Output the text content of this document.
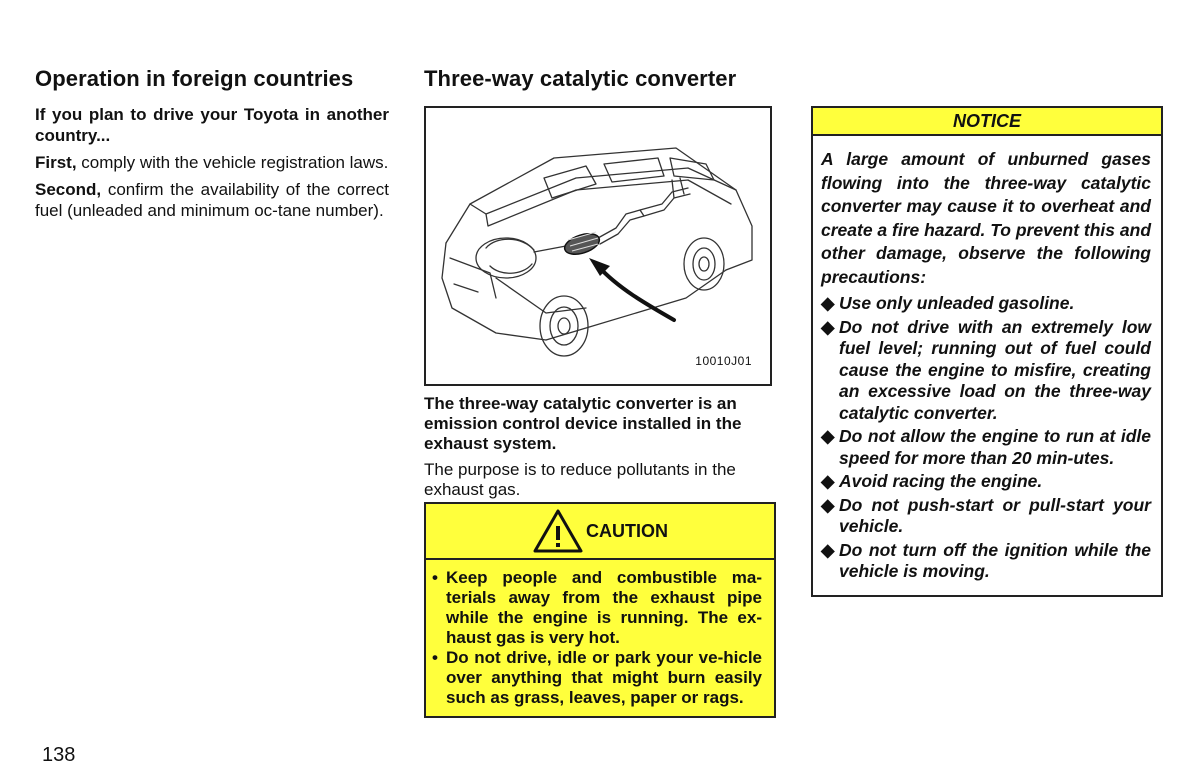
Operation in foreign countries

If you plan to drive your Toyota in another country...

First, comply with the vehicle registration laws.

Second, confirm the availability of the correct fuel (unleaded and minimum oc-tane number).

Three-way catalytic converter
10010J01

The three-way catalytic converter is an emission control device installed in the exhaust system.

The purpose is to reduce pollutants in the exhaust gas.

CAUTION
• Keep people and combustible ma-terials away from the exhaust pipe while the engine is running. The ex-haust gas is very hot.
• Do not drive, idle or park your ve-hicle over anything that might burn easily such as grass, leaves, paper or rags.
NOTICE

A large amount of unburned gases flowing into the three-way catalytic converter may cause it to overheat and create a fire hazard. To prevent this and other damage, observe the following precautions:

◆ Use only unleaded gasoline.
◆ Do not drive with an extremely low fuel level; running out of fuel could cause the engine to misfire, creating an excessive load on the three-way catalytic converter.
◆ Do not allow the engine to run at idle speed for more than 20 min-utes.
◆ Avoid racing the engine.
◆ Do not push-start or pull-start your vehicle.
◆ Do not turn off the ignition while the vehicle is moving.
138
